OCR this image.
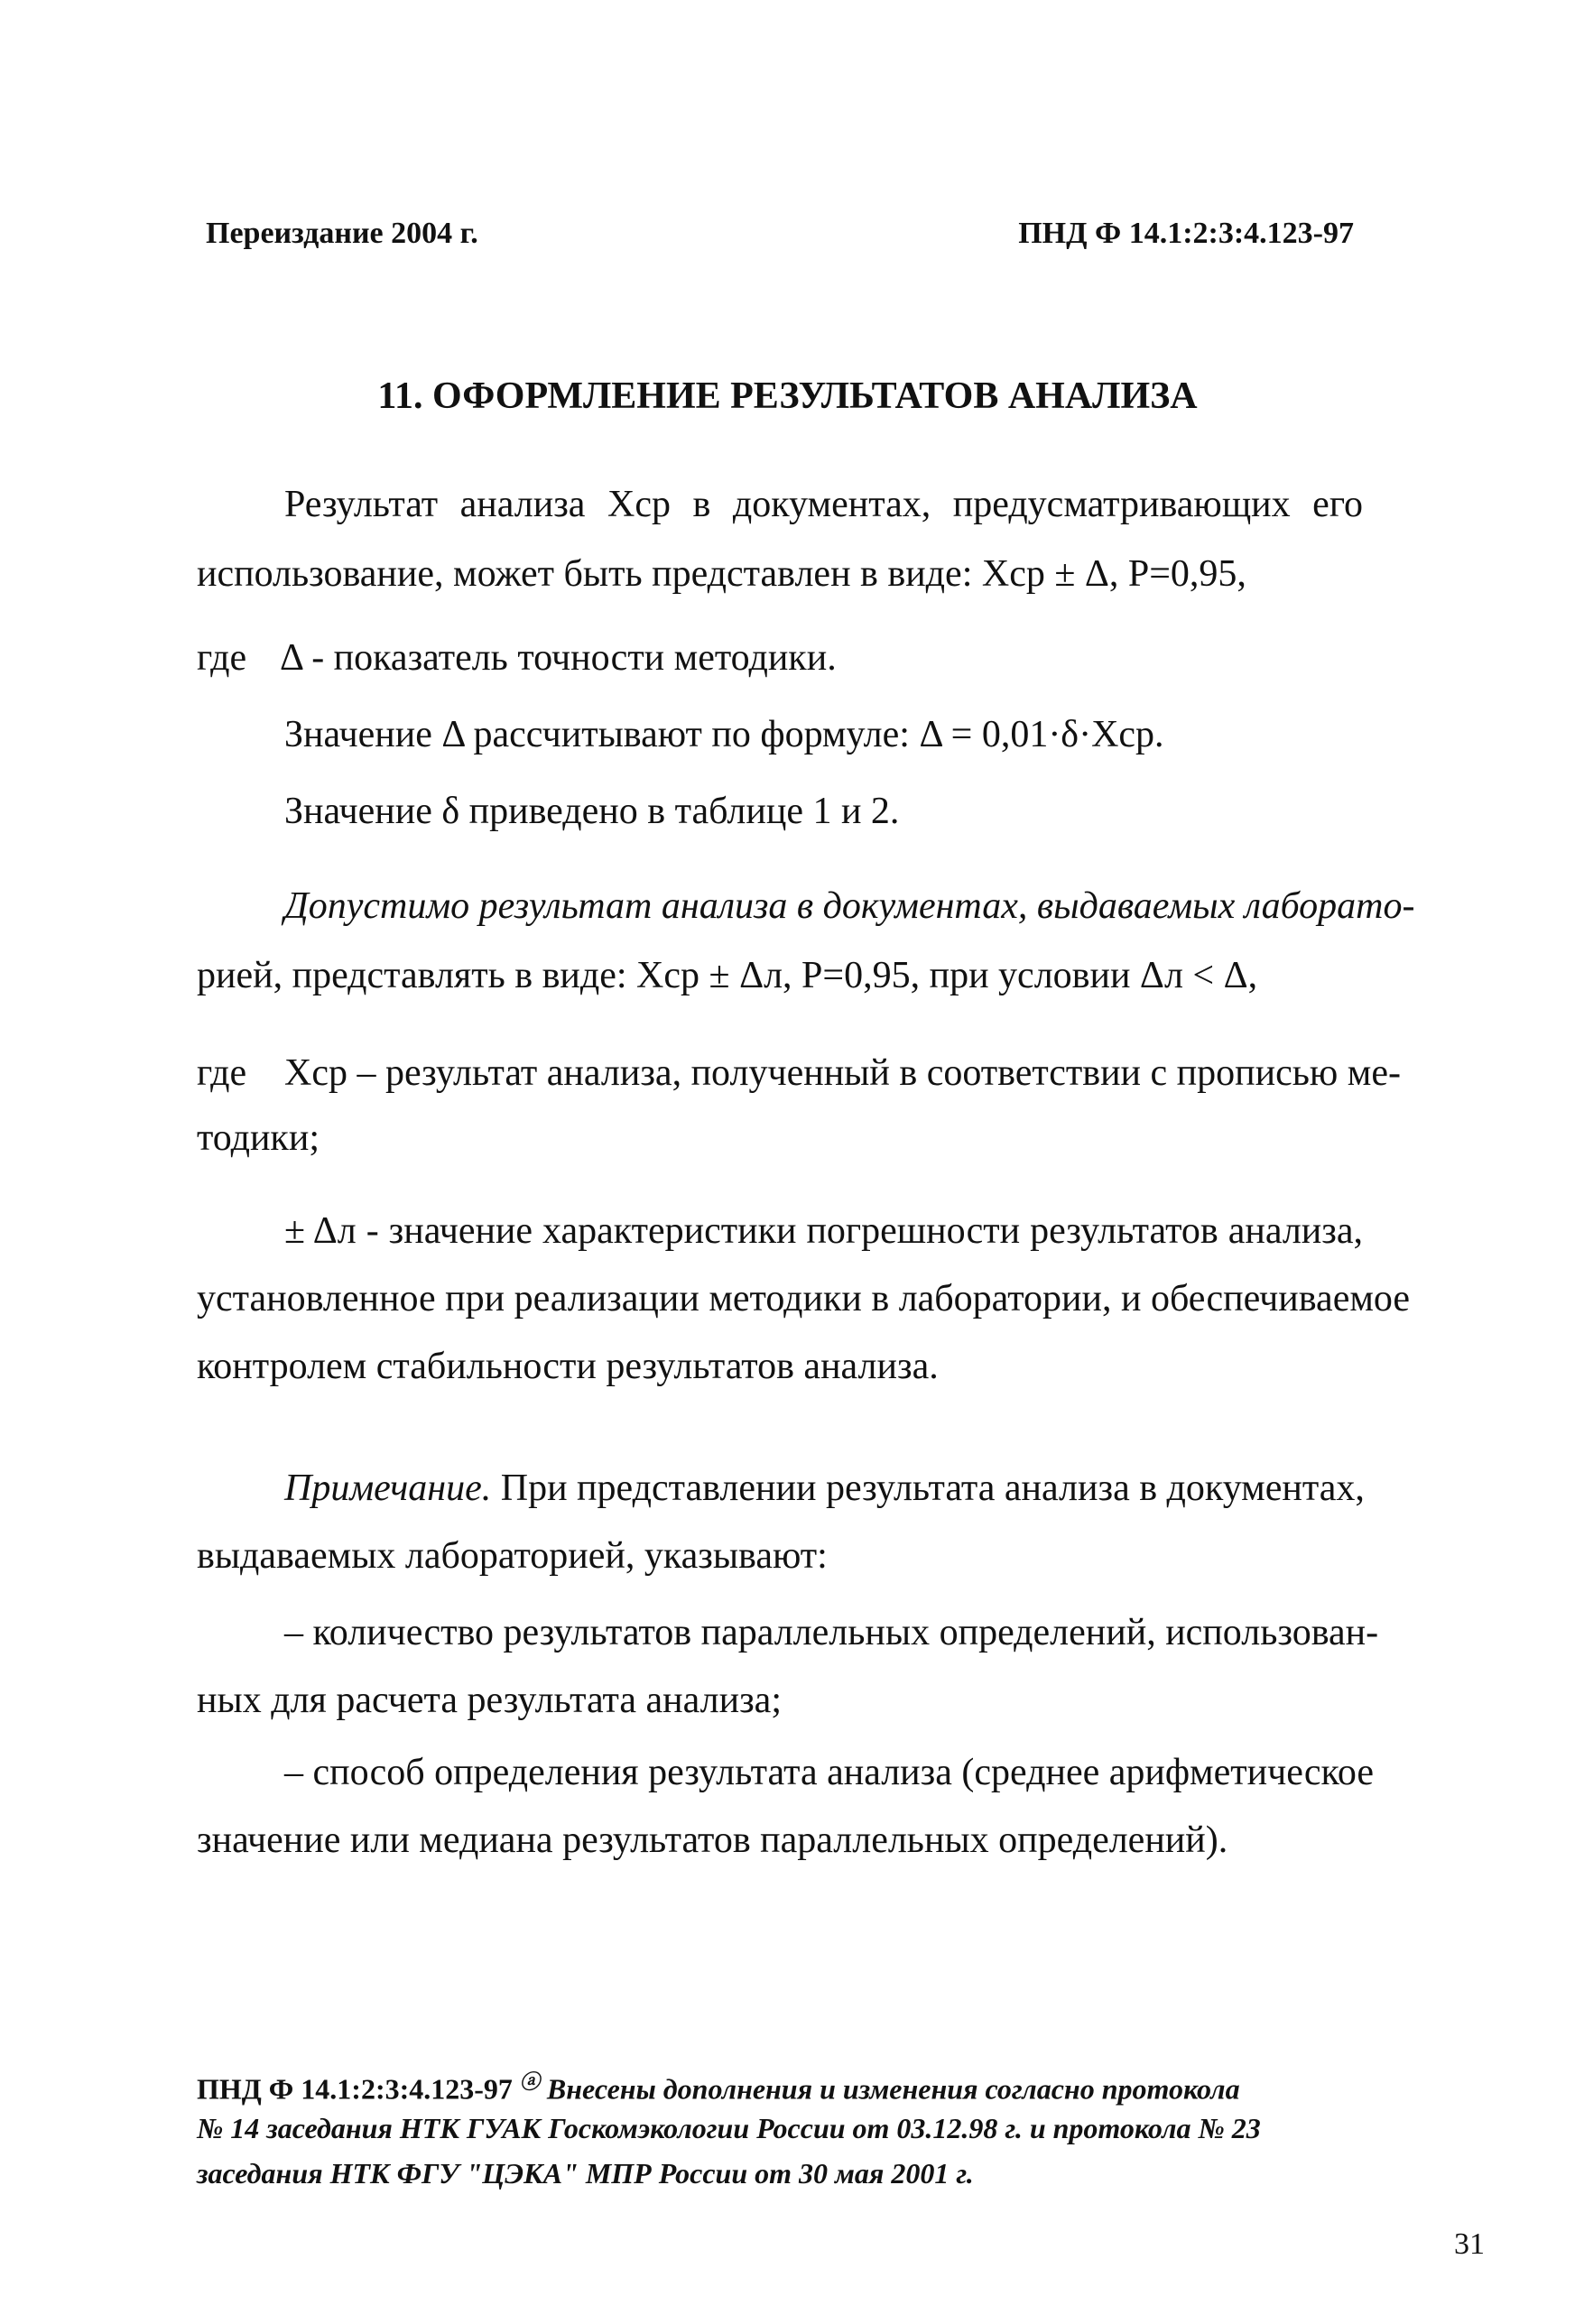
Переиздание 2004 г.	ПНД Ф 14.1:2:3:4.123-97
11. ОФОРМЛЕНИЕ РЕЗУЛЬТАТОВ АНАЛИЗА
Результат анализа Xср в документах, предусматривающих его
использование, может быть представлен в виде: Xср ± Δ, P=0,95,
где Δ - показатель точности методики.
Значение Δ рассчитывают по формуле: Δ = 0,01·δ·Xср.
Значение δ приведено в таблице 1 и 2.
Допустимо результат анализа в документах, выдаваемых лаборато-
рией, представлять в виде: Xср ± Δл, P=0,95, при условии Δл < Δ,
где Xср – результат анализа, полученный в соответствии с прописью ме-
тодики;
± Δл - значение характеристики погрешности результатов анализа,
установленное при реализации методики в лаборатории, и обеспечиваемое
контролем стабильности результатов анализа.
Примечание. При представлении результата анализа в документах,
выдаваемых лабораторией, указывают:
– количество результатов параллельных определений, использован-
ных для расчета результата анализа;
– способ определения результата анализа (среднее арифметическое
значение или медиана результатов параллельных определений).
ПНД Ф 14.1:2:3:4.123-97 ⓐ Внесены дополнения и изменения согласно протокола
№ 14 заседания НТК ГУАК Госкомэкологии России от 03.12.98 г. и протокола № 23
заседания НТК ФГУ "ЦЭКА" МПР России от 30 мая 2001 г.
31
